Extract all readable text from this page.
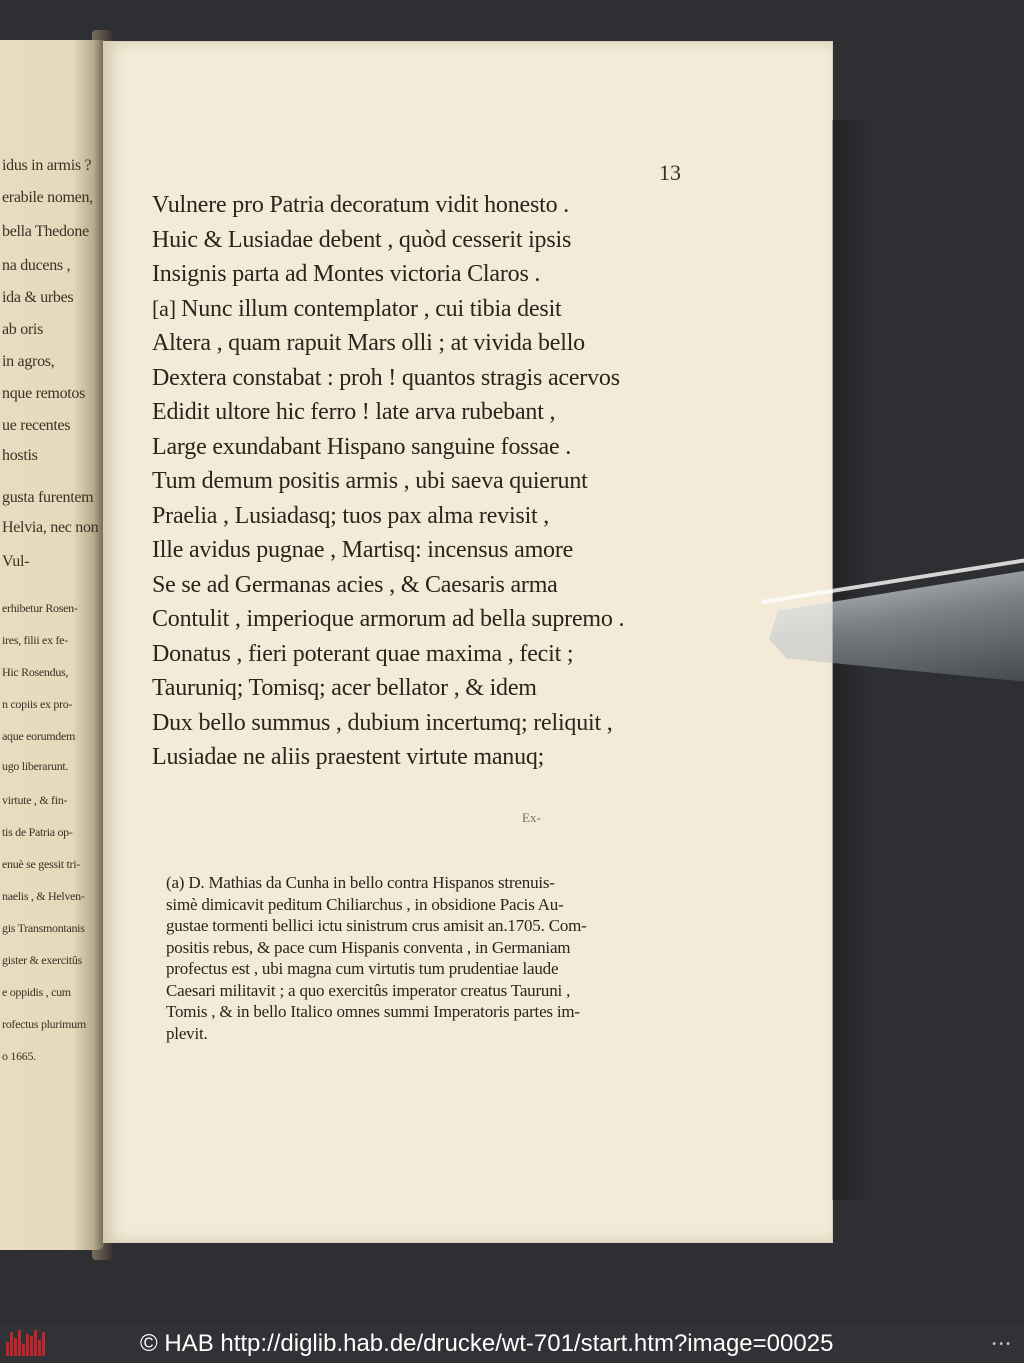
idus in armis ?
erabile nomen,
bella Thedone
na ducens ,
ida & urbes
ab oris
in agros,
nque remotos
ue recentes
hostis
gusta furentem
Helvia, nec non
Vul-
erhibetur Rosen-
ires, filii ex fe-
Hic Rosendus,
n copiis ex pro-
aque eorumdem
ugo liberarunt.
virtute , & fin-
tis de Patria op-
enuè se gessit tri-
naelis , & Helven-
gis Transmontanis
gister & exercitûs
e oppidis , cum
rofectus plurimum
o 1665.
13
Vulnere pro Patria decoratum vidit honesto .
Huic & Lusiadae debent , quòd cesserit ipsis
Insignis parta ad Montes victoria Claros .
[a] Nunc illum contemplator , cui tibia desit
Altera , quam rapuit Mars olli ; at vivida bello
Dextera constabat : proh ! quantos stragis acervos
Edidit ultore hic ferro ! late arva rubebant ,
Large exundabant Hispano sanguine fossae .
Tum demum positis armis , ubi saeva quierunt
Praelia , Lusiadasq; tuos pax alma revisit ,
Ille avidus pugnae , Martisq: incensus amore
Se se ad Germanas acies , & Caesaris arma
Contulit , imperioque armorum ad bella supremo .
Donatus , fieri poterant quae maxima , fecit ;
Tauruniq; Tomisq; acer bellator , & idem
Dux bello summus , dubium incertumq; reliquit ,
Lusiadae ne aliis praestent virtute manuq;
Ex-
(a) D. Mathias da Cunha in bello contra Hispanos strenuis-
simè dimicavit peditum Chiliarchus , in obsidione Pacis Au-
gustae tormenti bellici ictu sinistrum crus amisit an.1705. Com-
positis rebus, & pace cum Hispanis conventa , in Germaniam
profectus est , ubi magna cum virtutis tum prudentiae laude
Caesari militavit ; a quo exercitûs imperator creatus Tauruni ,
Tomis , & in bello Italico omnes summi Imperatoris partes im-
plevit.
© HAB http://diglib.hab.de/drucke/wt-701/start.htm?image=00025	•••
